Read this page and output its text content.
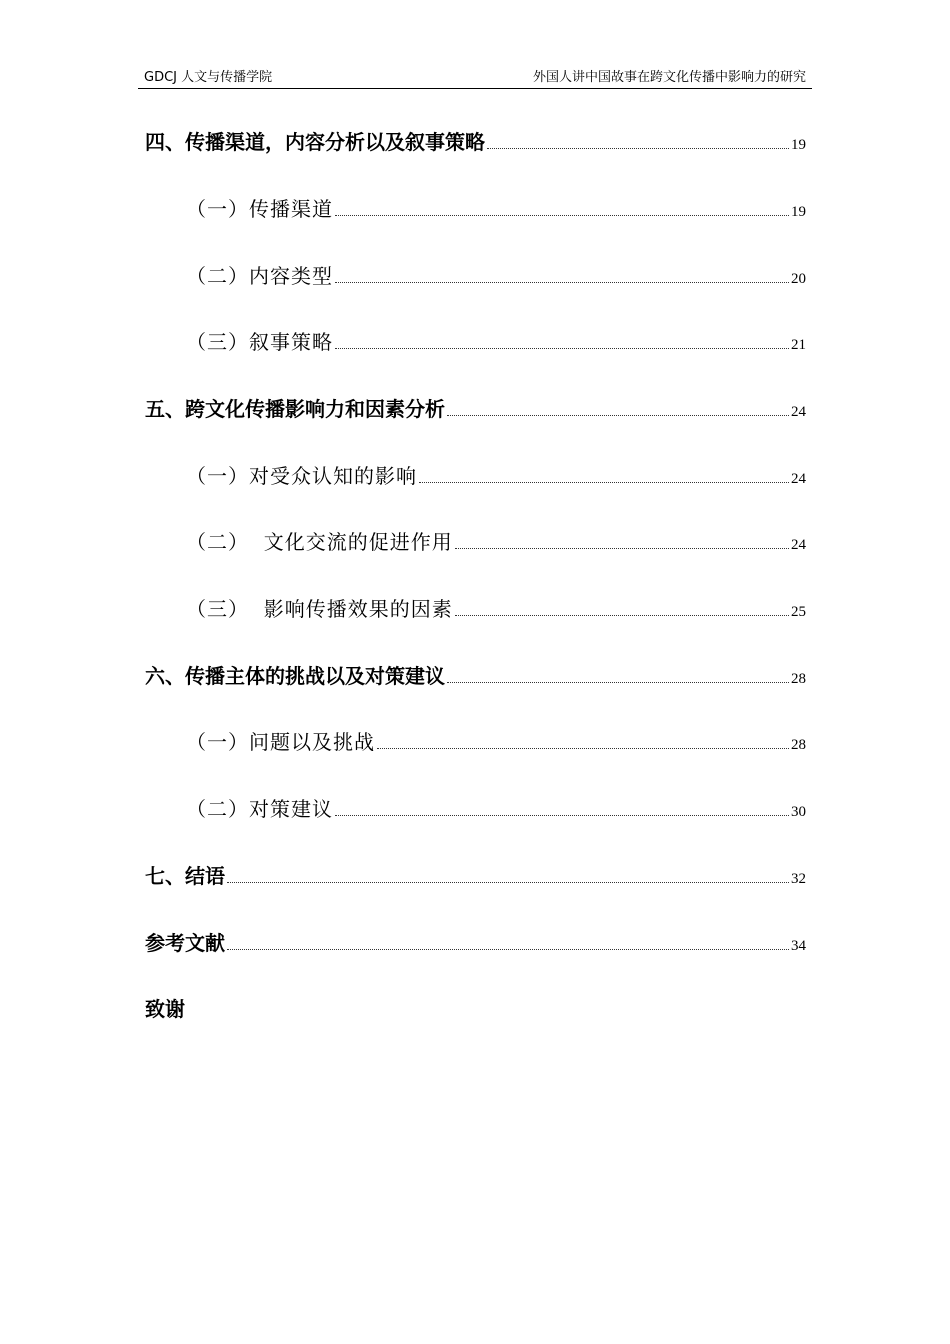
GDCJ 人文与传播学院	外国人讲中国故事在跨文化传播中影响力的研究
四、传播渠道，内容分析以及叙事策略	19
（一）传播渠道	19
（二）内容类型	20
（三）叙事策略	21
五、跨文化传播影响力和因素分析	24
（一）对受众认知的影响	24
（二）  文化交流的促进作用	24
（三）  影响传播效果的因素	25
六、传播主体的挑战以及对策建议	28
（一）问题以及挑战	28
（二）对策建议	30
七、结语	32
参考文献	34
致谢
